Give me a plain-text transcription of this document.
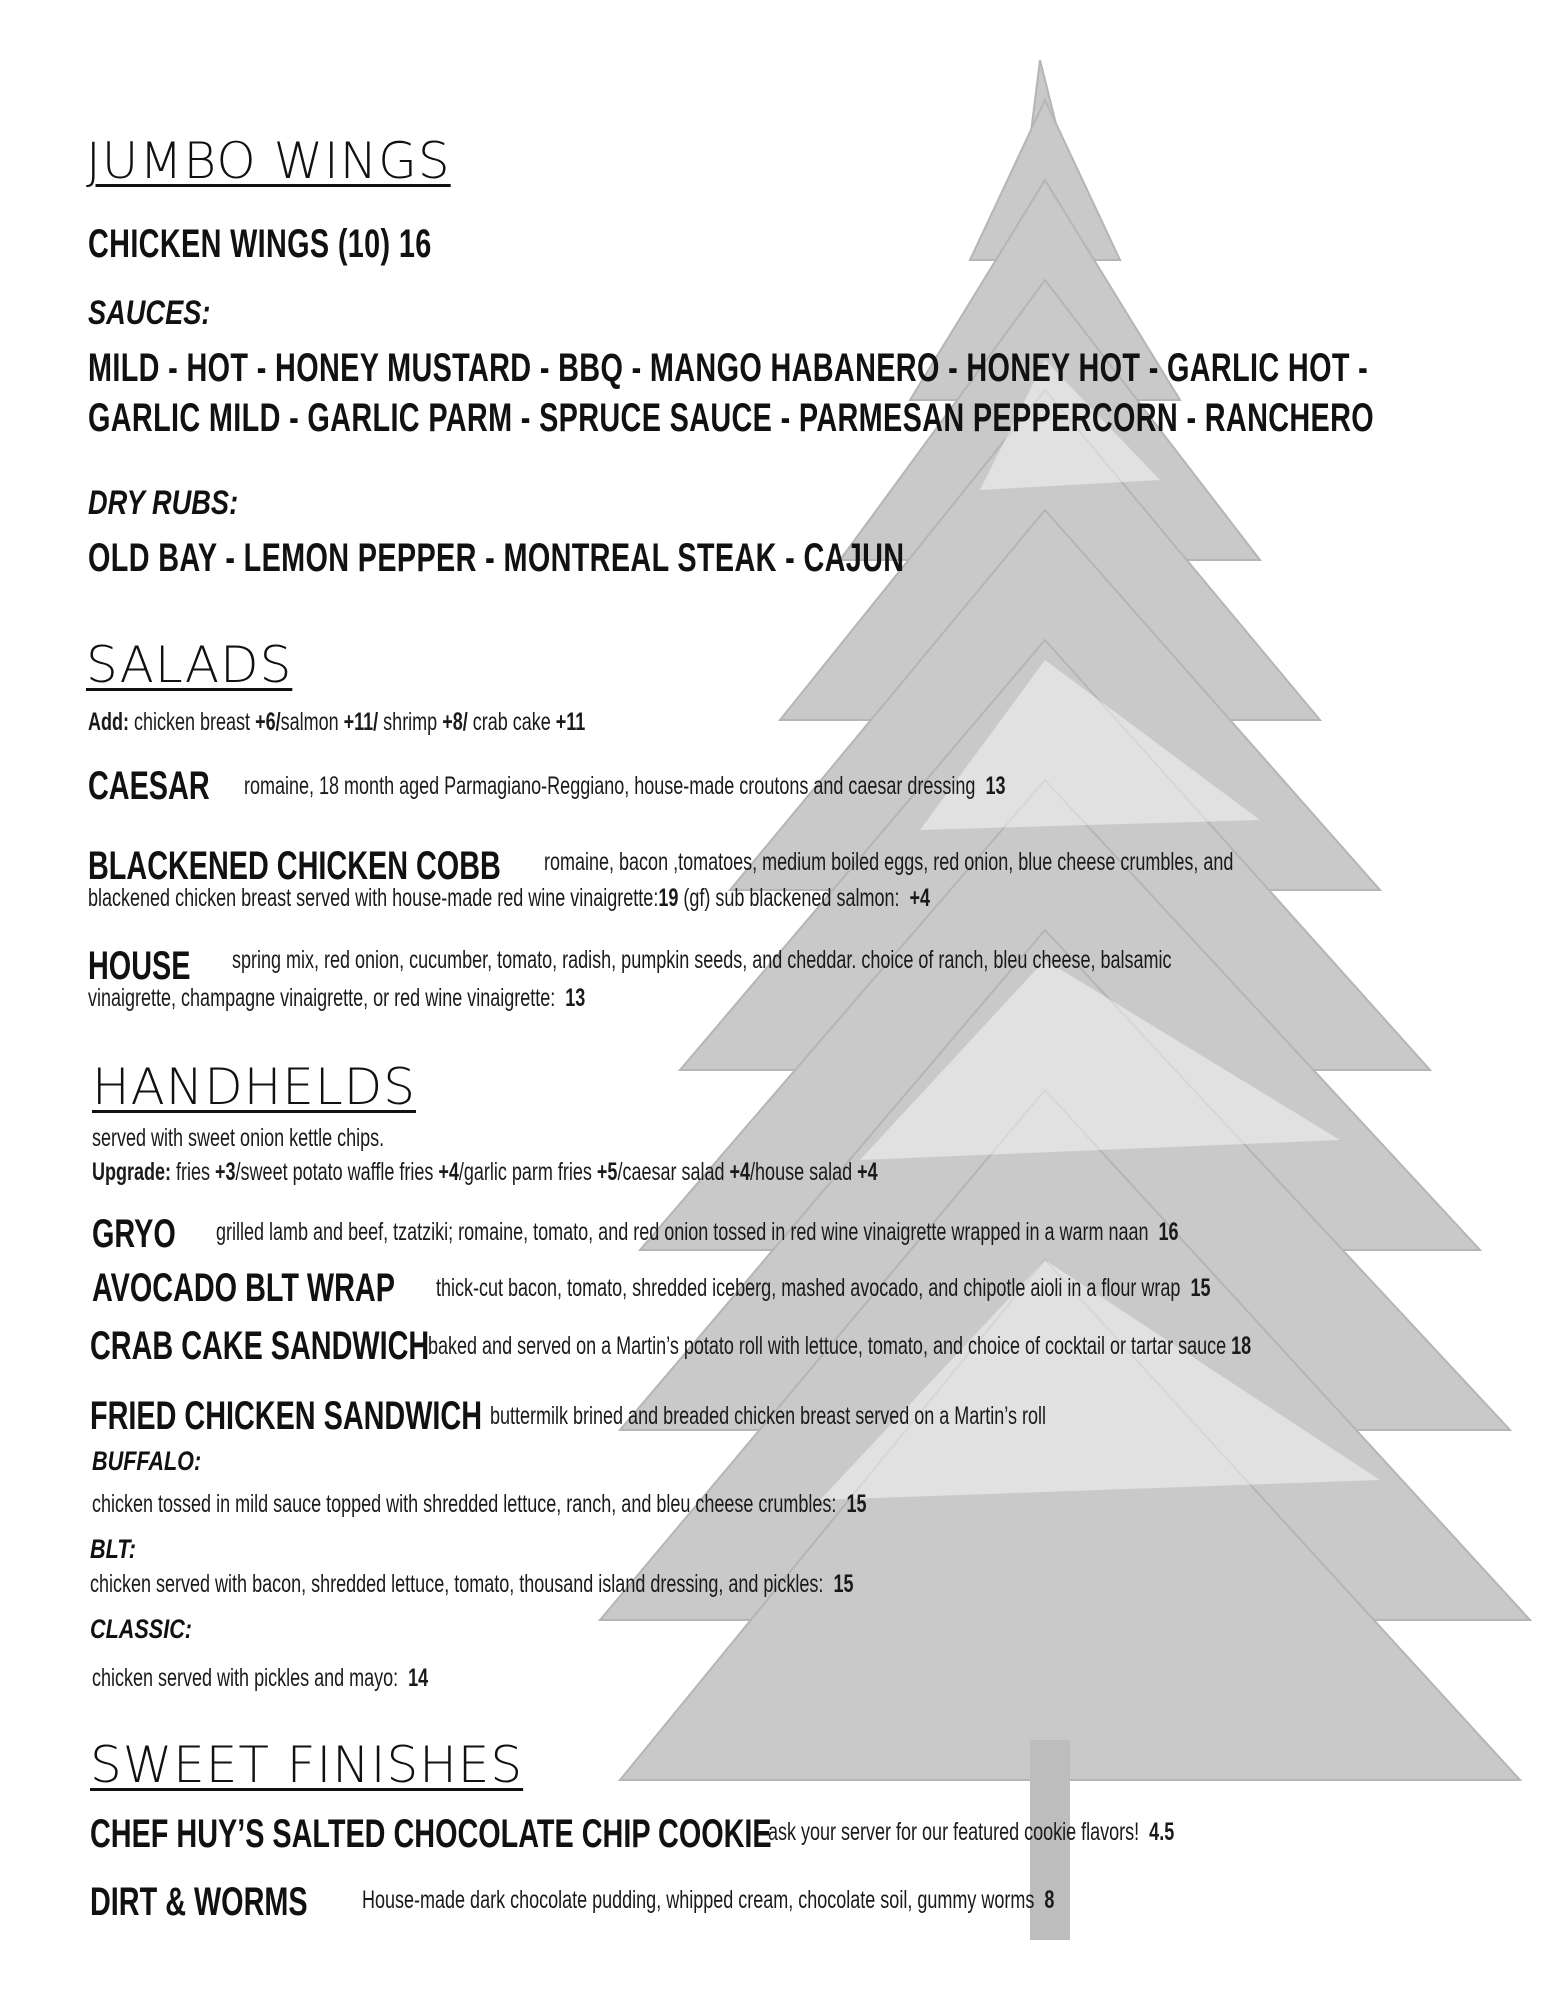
JUMBO WINGS
CHICKEN WINGS (10) 16
SAUCES:
MILD - HOT - HONEY MUSTARD - BBQ - MANGO HABANERO - HONEY HOT - GARLIC HOT -
GARLIC MILD - GARLIC PARM - SPRUCE SAUCE - PARMESAN PEPPERCORN - RANCHERO
DRY RUBS:
OLD BAY - LEMON PEPPER - MONTREAL STEAK - CAJUN
SALADS
Add: chicken breast +6/salmon +11/ shrimp +8/ crab cake +11
CAESAR romaine, 18 month aged Parmagiano-Reggiano, house-made croutons and caesar dressing 13
BLACKENED CHICKEN COBB romaine, bacon ,tomatoes, medium boiled eggs, red onion, blue cheese crumbles, and
blackened chicken breast served with house-made red wine vinaigrette:19 (gf) sub blackened salmon: +4
HOUSE spring mix, red onion, cucumber, tomato, radish, pumpkin seeds, and cheddar. choice of ranch, bleu cheese, balsamic
vinaigrette, champagne vinaigrette, or red wine vinaigrette: 13
HANDHELDS
served with sweet onion kettle chips.
Upgrade: fries +3/sweet potato waffle fries +4/garlic parm fries +5/caesar salad +4/house salad +4
GRYO grilled lamb and beef, tzatziki; romaine, tomato, and red onion tossed in red wine vinaigrette wrapped in a warm naan 16
AVOCADO BLT WRAP thick-cut bacon, tomato, shredded iceberg, mashed avocado, and chipotle aioli in a flour wrap 15
CRAB CAKE SANDWICH
baked and served on a Martin’s potato roll with lettuce, tomato, and choice of cocktail or tartar sauce 18
FRIED CHICKEN SANDWICH buttermilk brined and breaded chicken breast served on a Martin’s roll
BUFFALO:
chicken tossed in mild sauce topped with shredded lettuce, ranch, and bleu cheese crumbles: 15
BLT:
chicken served with bacon, shredded lettuce, tomato, thousand island dressing, and pickles: 15
CLASSIC:
chicken served with pickles and mayo: 14
SWEET FINISHES
CHEF HUY’S SALTED CHOCOLATE CHIP COOKIE
ask your server for our featured cookie flavors! 4.5
DIRT & WORMS House-made dark chocolate pudding, whipped cream, chocolate soil, gummy worms 8
